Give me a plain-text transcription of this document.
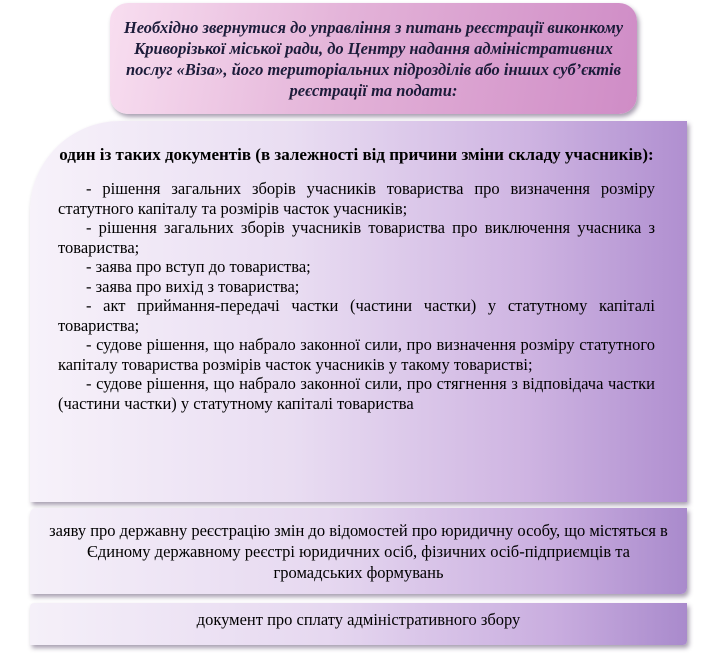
Необхідно звернутися до управління з питань реєстрації виконкому Криворізької міської ради, до Центру надання адміністративних послуг «Віза», його територіальних підрозділів або інших суб’єктів реєстрації та подати:

один із таких документів (в залежності від причини зміни складу учасників):

- рішення загальних зборів учасників товариства про визначення розміру статутного капіталу та розмірів часток учасників;

- рішення загальних зборів учасників товариства про виключення учасника з товариства;

- заява про вступ до товариства;

- заява про вихід з товариства;

- акт приймання-передачі частки (частини частки) у статутному капіталі товариства;

- судове рішення, що набрало законної сили, про визначення розміру статутного капіталу товариства розмірів часток учасників у такому товаристві;

- судове рішення, що набрало законної сили, про стягнення з відповідача частки (частини частки) у статутному капіталі товариства

заяву про державну реєстрацію змін до відомостей про юридичну особу, що містяться в Єдиному державному реєстрі юридичних осіб, фізичних осіб-підприємців та громадських формувань

документ про сплату адміністративного збору
